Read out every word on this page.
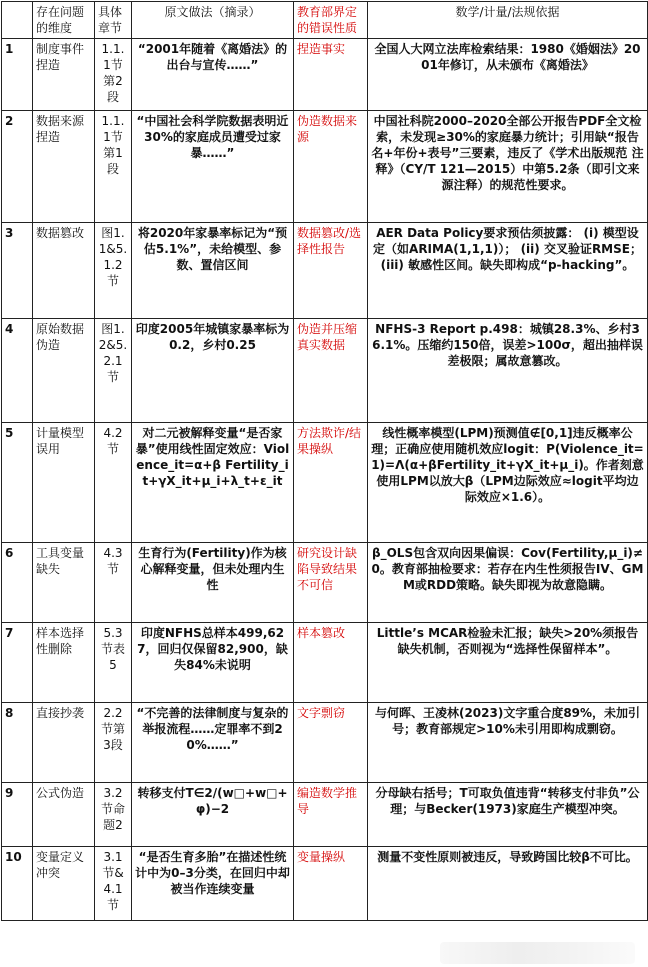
	存在问题的维度	具体章节	原文做法（摘录）	教育部界定的错误性质	数学/计量/法规依据
1	制度事件捏造	1.1.1节第2段	“2001年随着《离婚法》的出台与宣传……”	捏造事实	全国人大网立法库检索结果：1980《婚姻法》2001年修订，从未颁布《离婚法》
2	数据来源捏造	1.1.1节第1段	“中国社会科学院数据表明近30%的家庭成员遭受过家暴……”	伪造数据来源	中国社科院2000–2020全部公开报告PDF全文检索，未发现≥30%的家庭暴力统计；引用缺“报告名+年份+表号”三要素，违反了《学术出版规范 注释》（CY/T 121—2015）中第5.2条（即引文来源注释）的规范性要求。
3	数据篡改	图1.1&5.1.2节	将2020年家暴率标记为“预估5.1%”，未给模型、参数、置信区间	数据篡改/选择性报告	AER Data Policy要求预估须披露： (i) 模型设定（如ARIMA(1,1,1)）； (ii) 交叉验证RMSE； (iii) 敏感性区间。缺失即构成“p-hacking”。
4	原始数据伪造	图1.2&5.2.1节	印度2005年城镇家暴率标为0.2，乡村0.25	伪造并压缩真实数据	NFHS-3 Report p.498：城镇28.3%、乡村36.1%。压缩约150倍，误差>100σ，超出抽样误差极限；属故意篡改。
5	计量模型误用	4.2节	对二元被解释变量“是否家暴”使用线性固定效应：Violence_it=α+β Fertility_it+γX_it+μ_i+λ_t+ε_it	方法欺诈/结果操纵	线性概率模型(LPM)预测值∉[0,1]违反概率公理；正确应使用随机效应logit：P(Violence_it=1)=Λ(α+βFertility_it+γX_it+μ_i)。作者刻意使用LPM以放大β（LPM边际效应≈logit平均边际效应×1.6）。
6	工具变量缺失	4.3节	生育行为(Fertility)作为核心解释变量，但未处理内生性	研究设计缺陷导致结果不可信	β_OLS包含双向因果偏误：Cov(Fertility,μ_i)≠0。教育部抽检要求：若存在内生性须报告IV、GMM或RDD策略。缺失即视为故意隐瞒。
7	样本选择性删除	5.3节表5	印度NFHS总样本499,627，回归仅保留82,900，缺失84%未说明	样本篡改	Little’s MCAR检验未汇报；缺失>20%须报告缺失机制，否则视为“选择性保留样本”。
8	直接抄袭	2.2节第3段	“不完善的法律制度与复杂的举报流程……定罪率不到20%……”	文字剽窃	与何晖、王凌林(2023)文字重合度89%，未加引号；教育部规定>10%未引用即构成剽窃。
9	公式伪造	3.2节命题2	转移支付T∈2/(w□+w□+φ)−2	编造数学推导	分母缺右括号；T可取负值违背“转移支付非负”公理；与Becker(1973)家庭生产模型冲突。
10	变量定义冲突	3.1节&4.1节	“是否生育多胎”在描述性统计中为0–3分类，在回归中却被当作连续变量	变量操纵	测量不变性原则被违反，导致跨国比较β不可比。
